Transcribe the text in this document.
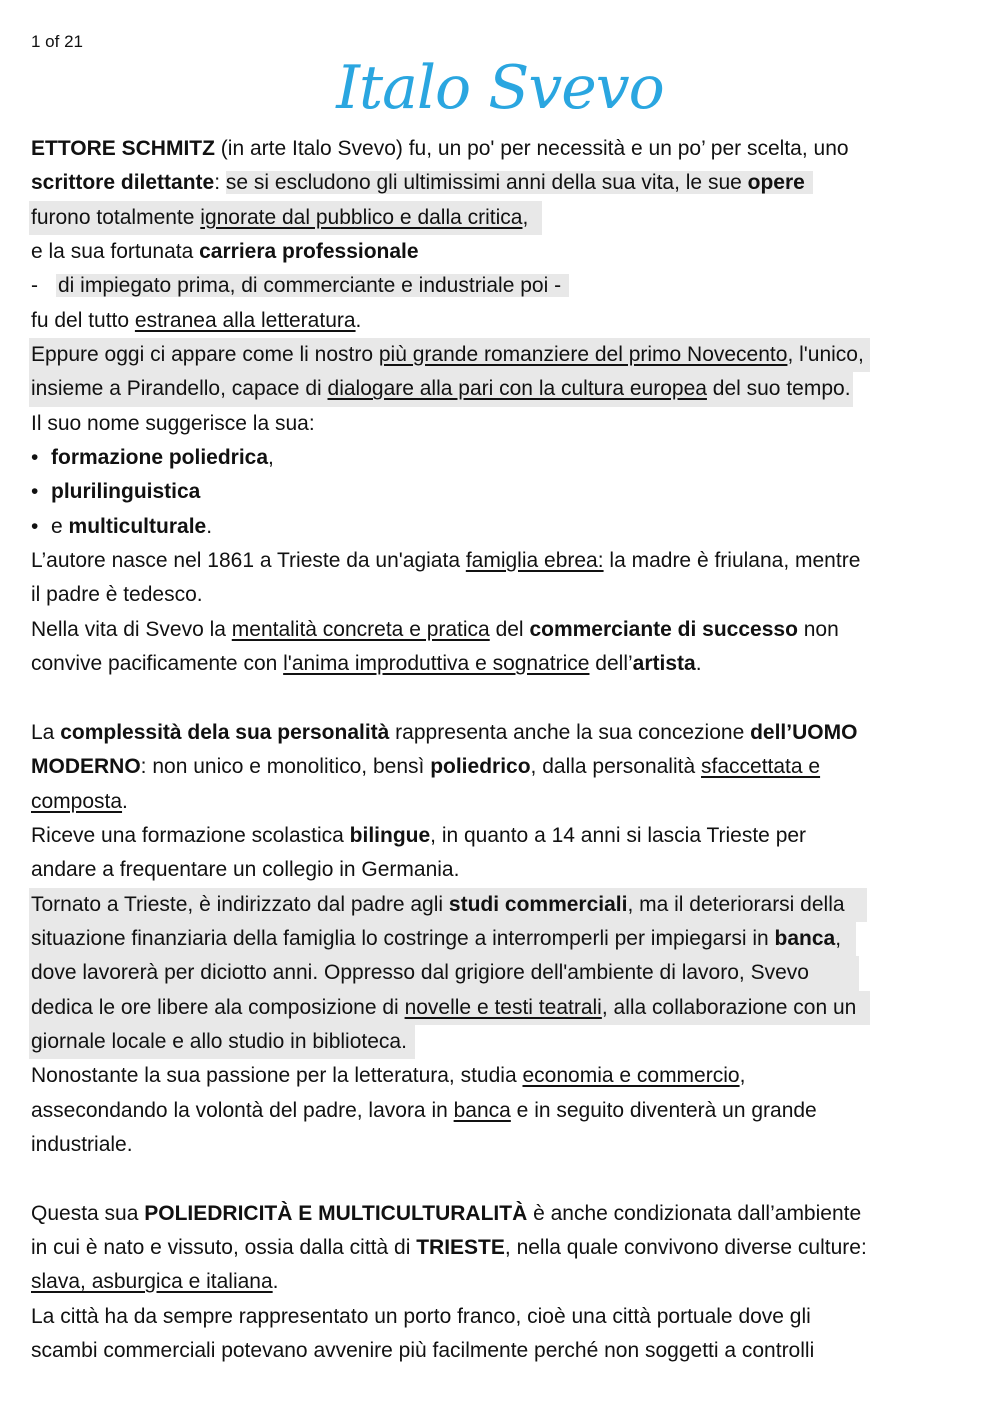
1 of 21
Italo Svevo
ETTORE SCHMITZ (in arte Italo Svevo) fu, un po' per necessità e un po’ per scelta, uno
scrittore dilettante: se si escludono gli ultimissimi anni della sua vita, le sue opere
furono totalmente ignorate dal pubblico e dalla critica,
e la sua fortunata carriera professionale
- di impiegato prima, di commerciante e industriale poi -
fu del tutto estranea alla letteratura.
Eppure oggi ci appare come li nostro più grande romanziere del primo Novecento, l'unico,
insieme a Pirandello, capace di dialogare alla pari con la cultura europea del suo tempo.
Il suo nome suggerisce la sua:
• formazione poliedrica,
• plurilinguistica
• e multiculturale.
L’autore nasce nel 1861 a Trieste da un'agiata famiglia ebrea: la madre è friulana, mentre
il padre è tedesco.
Nella vita di Svevo la mentalità concreta e pratica del commerciante di successo non
convive pacificamente con l'anima improduttiva e sognatrice dell’artista.
La complessità dela sua personalità rappresenta anche la sua concezione dell’UOMO
MODERNO: non unico e monolitico, bensì poliedrico, dalla personalità sfaccettata e
composta.
Riceve una formazione scolastica bilingue, in quanto a 14 anni si lascia Trieste per
andare a frequentare un collegio in Germania.
Tornato a Trieste, è indirizzato dal padre agli studi commerciali, ma il deteriorarsi della
situazione finanziaria della famiglia lo costringe a interromperli per impiegarsi in banca,
dove lavorerà per diciotto anni. Oppresso dal grigiore dell'ambiente di lavoro, Svevo
dedica le ore libere ala composizione di novelle e testi teatrali, alla collaborazione con un
giornale locale e allo studio in biblioteca.
Nonostante la sua passione per la letteratura, studia economia e commercio,
assecondando la volontà del padre, lavora in banca e in seguito diventerà un grande
industriale.
Questa sua POLIEDRICITÀ E MULTICULTURALITÀ è anche condizionata dall’ambiente
in cui è nato e vissuto, ossia dalla città di TRIESTE, nella quale convivono diverse culture:
slava, asburgica e italiana.
La città ha da sempre rappresentato un porto franco, cioè una città portuale dove gli
scambi commerciali potevano avvenire più facilmente perché non soggetti a controlli
